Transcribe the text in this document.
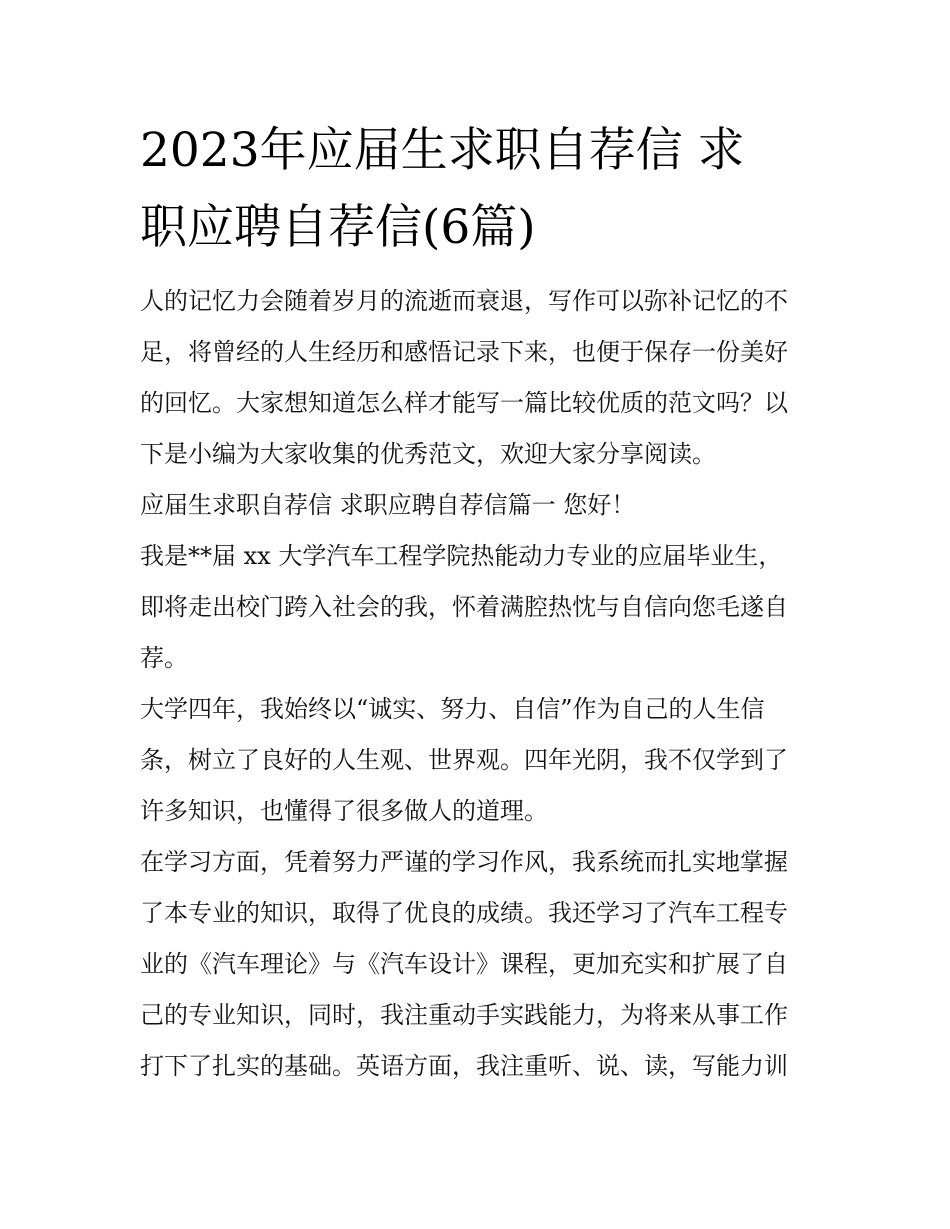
2023年应届生求职自荐信 求
职应聘自荐信(6篇)

人的记忆力会随着岁月的流逝而衰退，写作可以弥补记忆的不
足，将曾经的人生经历和感悟记录下来，也便于保存一份美好
的回忆。大家想知道怎么样才能写一篇比较优质的范文吗？以
下是小编为大家收集的优秀范文，欢迎大家分享阅读。

应届生求职自荐信 求职应聘自荐信篇一 您好！

我是**届 xx 大学汽车工程学院热能动力专业的应届毕业生，
即将走出校门跨入社会的我，怀着满腔热忱与自信向您毛遂自
荐。

大学四年，我始终以“诚实、努力、自信”作为自己的人生信
条，树立了良好的人生观、世界观。四年光阴，我不仅学到了
许多知识，也懂得了很多做人的道理。

在学习方面，凭着努力严谨的学习作风，我系统而扎实地掌握
了本专业的知识，取得了优良的成绩。我还学习了汽车工程专
业的《汽车理论》与《汽车设计》课程，更加充实和扩展了自
己的专业知识，同时，我注重动手实践能力，为将来从事工作
打下了扎实的基础。英语方面，我注重听、说、读，写能力训
